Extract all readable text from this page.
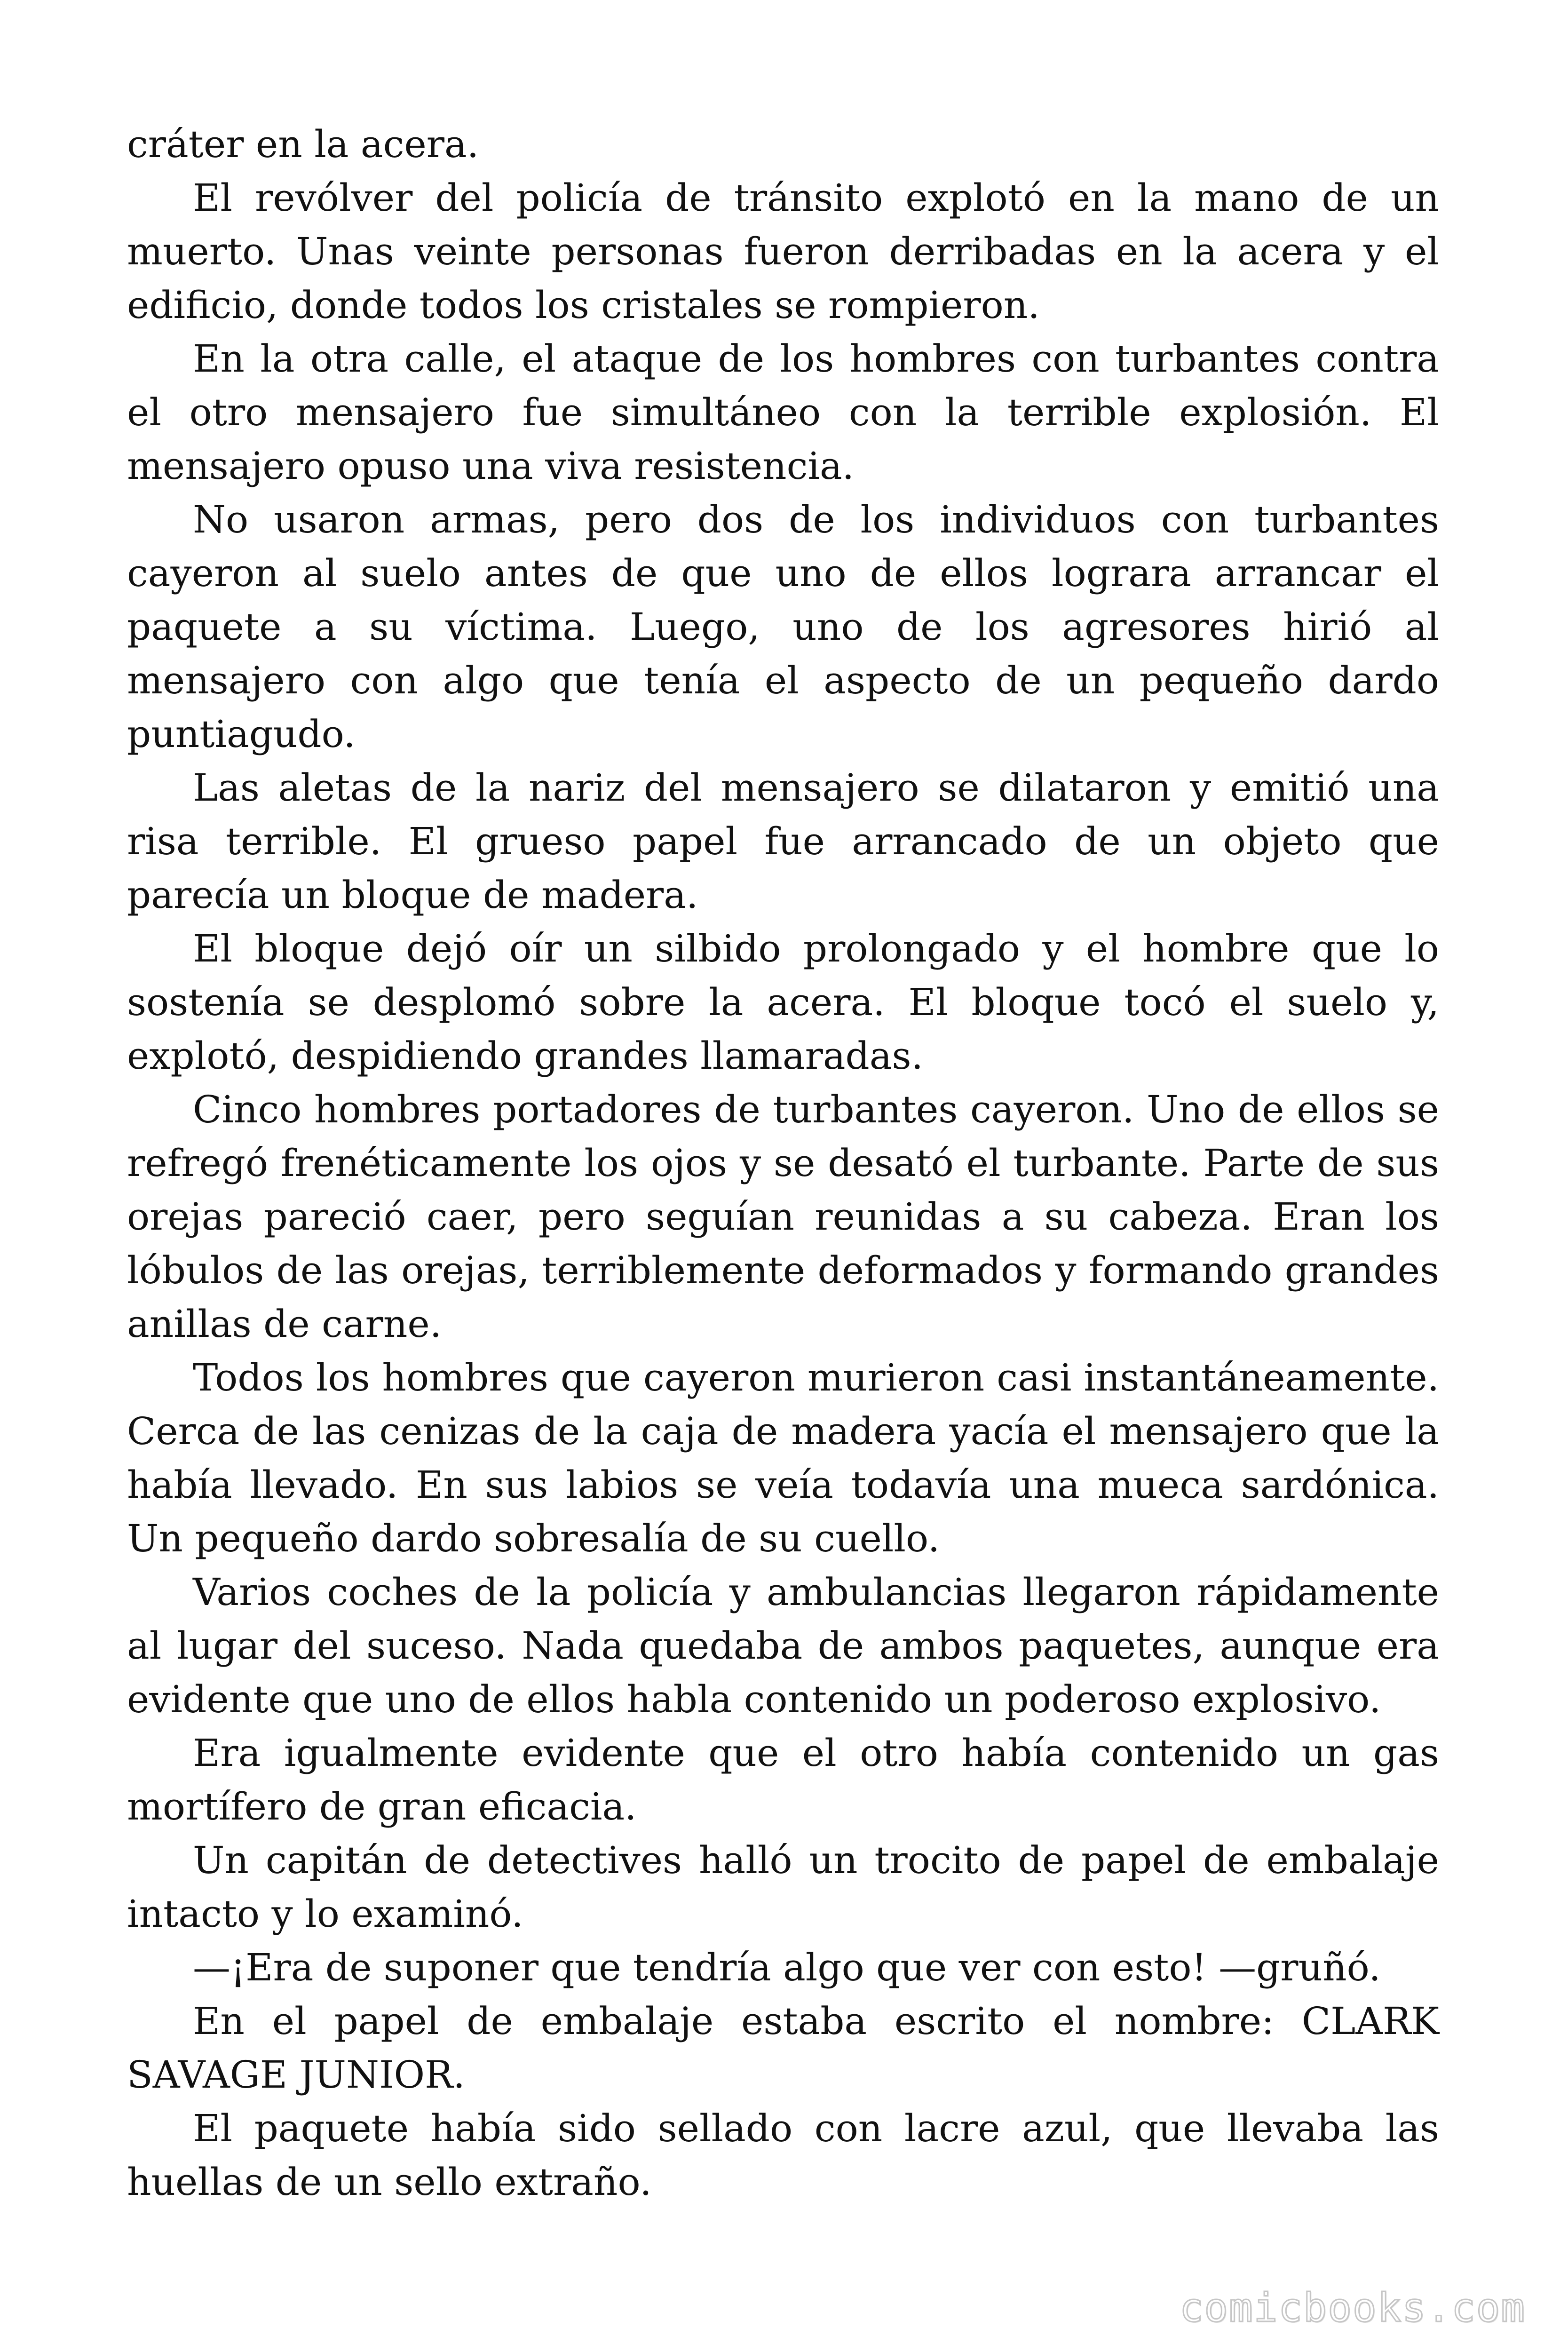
cráter en la acera.

El revólver del policía de tránsito explotó en la mano de un muerto. Unas veinte personas fueron derribadas en la acera y el edificio, donde todos los cristales se rompieron.

En la otra calle, el ataque de los hombres con turbantes contra el otro mensajero fue simultáneo con la terrible explosión. El mensajero opuso una viva resistencia.

No usaron armas, pero dos de los individuos con turbantes cayeron al suelo antes de que uno de ellos lograra arrancar el paquete a su víctima. Luego, uno de los agresores hirió al mensajero con algo que tenía el aspecto de un pequeño dardo puntiagudo.

Las aletas de la nariz del mensajero se dilataron y emitió una risa terrible. El grueso papel fue arrancado de un objeto que parecía un bloque de madera.

El bloque dejó oír un silbido prolongado y el hombre que lo sostenía se desplomó sobre la acera. El bloque tocó el suelo y, explotó, despidiendo grandes llamaradas.

Cinco hombres portadores de turbantes cayeron. Uno de ellos se refregó frenéticamente los ojos y se desató el turbante. Parte de sus orejas pareció caer, pero seguían reunidas a su cabeza. Eran los lóbulos de las orejas, terriblemente deformados y formando grandes anillas de carne.

Todos los hombres que cayeron murieron casi instantáneamente. Cerca de las cenizas de la caja de madera yacía el mensajero que la había llevado. En sus labios se veía todavía una mueca sardónica. Un pequeño dardo sobresalía de su cuello.

Varios coches de la policía y ambulancias llegaron rápidamente al lugar del suceso. Nada quedaba de ambos paquetes, aunque era evidente que uno de ellos habla contenido un poderoso explosivo.

Era igualmente evidente que el otro había contenido un gas mortífero de gran eficacia.

Un capitán de detectives halló un trocito de papel de embalaje intacto y lo examinó.

—¡Era de suponer que tendría algo que ver con esto! —gruñó.

En el papel de embalaje estaba escrito el nombre: CLARK SAVAGE JUNIOR.

El paquete había sido sellado con lacre azul, que llevaba las huellas de un sello extraño.

comicbooks.com
